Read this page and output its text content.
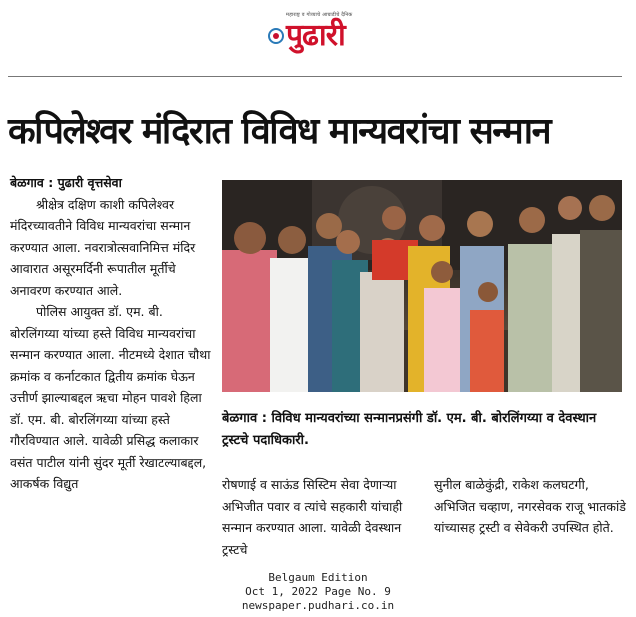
महाराष्ट्र व गोव्याचे आघाडीचे दैनिक
पुढारी
कपिलेश्वर मंदिरात विविध मान्यवरांचा सन्मान

बेळगाव : पुढारी वृत्तसेवा

श्रीक्षेत्र दक्षिण काशी कपिलेश्वर मंदिरच्यावतीने विविध मान्यवरांचा सन्मान करण्यात आला. नवरात्रोत्सवानिमित्त मंदिर आवारात असूरमर्दिनी रूपातील मूर्तीचे अनावरण करण्यात आले.

पोलिस आयुक्त डॉ. एम. बी. बोरलिंगय्या यांच्या हस्ते विविध मान्यवरांचा सन्मान करण्यात आला. नीटमध्ये देशात चौथा क्रमांक व कर्नाटकात द्वितीय क्रमांक घेऊन उत्तीर्ण झाल्याबद्दल ऋचा मोहन पावशे हिला डॉ. एम. बी. बोरलिंगय्या यांच्या हस्ते गौरविण्यात आले. यावेळी प्रसिद्ध कलाकार वसंत पाटील यांनी सुंदर मूर्ती रेखाटल्याबद्दल, आकर्षक विद्युत

बेळगाव : विविध मान्यवरांच्या सन्मानप्रसंगी डॉ. एम. बी. बोरलिंगय्या व देवस्थान ट्रस्टचे पदाधिकारी.
रोषणाई व साऊंड सिस्टिम सेवा देणाऱ्या अभिजीत पवार व त्यांचे सहकारी यांचाही सन्मान करण्यात आला. यावेळी देवस्थान ट्रस्टचे
सुनील बाळेकुंद्री, राकेश कलघटगी, अभिजित चव्हाण, नगरसेवक राजू भातकांडे यांच्यासह ट्रस्टी व सेवेकरी उपस्थित होते.
Belgaum Edition
Oct 1, 2022 Page No. 9
newspaper.pudhari.co.in
